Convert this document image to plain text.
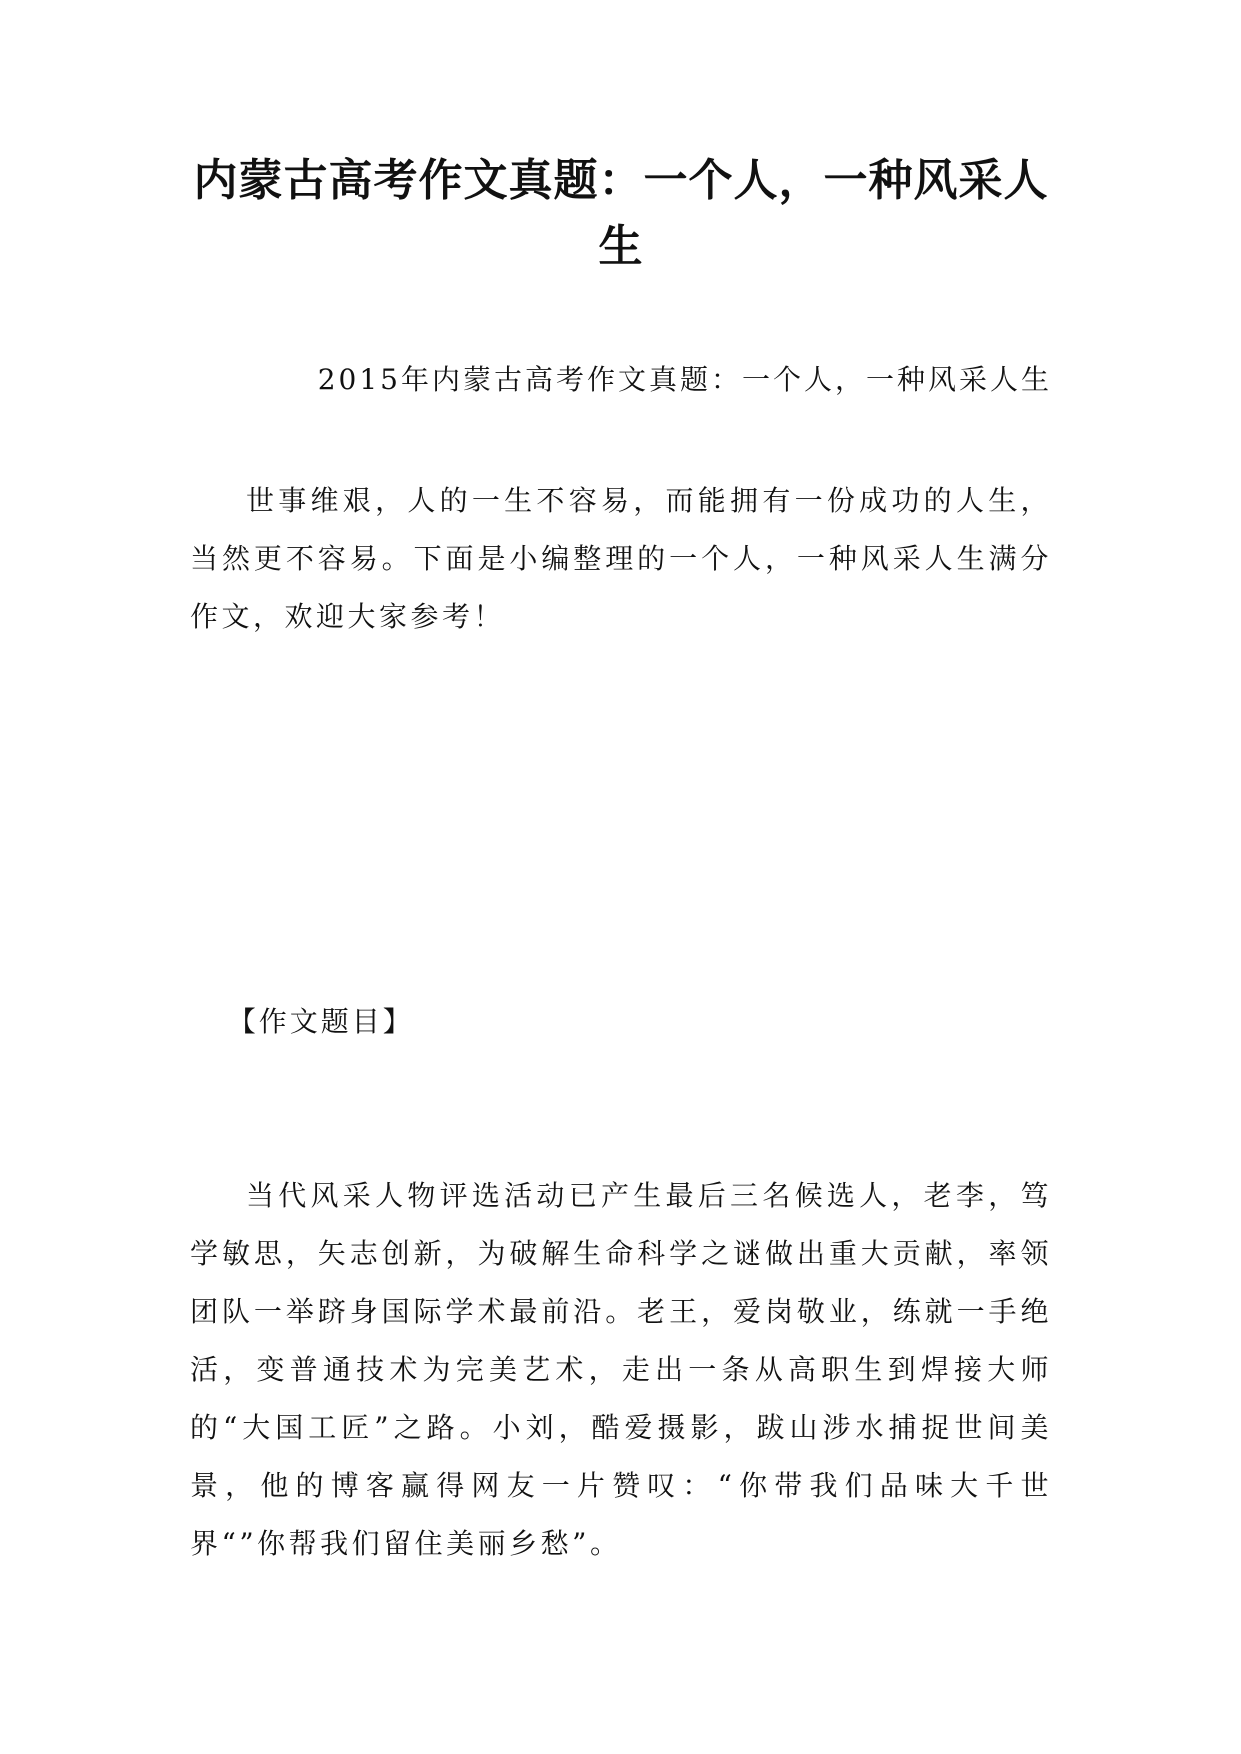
内蒙古高考作文真题：一个人，一种风采人生

2015年内蒙古高考作文真题：一个人，一种风采人生

世事维艰，人的一生不容易，而能拥有一份成功的人生，当然更不容易。下面是小编整理的一个人，一种风采人生满分作文，欢迎大家参考！

【作文题目】

当代风采人物评选活动已产生最后三名候选人，老李，笃学敏思，矢志创新，为破解生命科学之谜做出重大贡献，率领团队一举跻身国际学术最前沿。老王，爱岗敬业，练就一手绝活，变普通技术为完美艺术，走出一条从高职生到焊接大师的“大国工匠”之路。小刘，酷爱摄影，跋山涉水捕捉世间美景，他的博客赢得网友一片赞叹：“你带我们品味大千世界“”你帮我们留住美丽乡愁”。
